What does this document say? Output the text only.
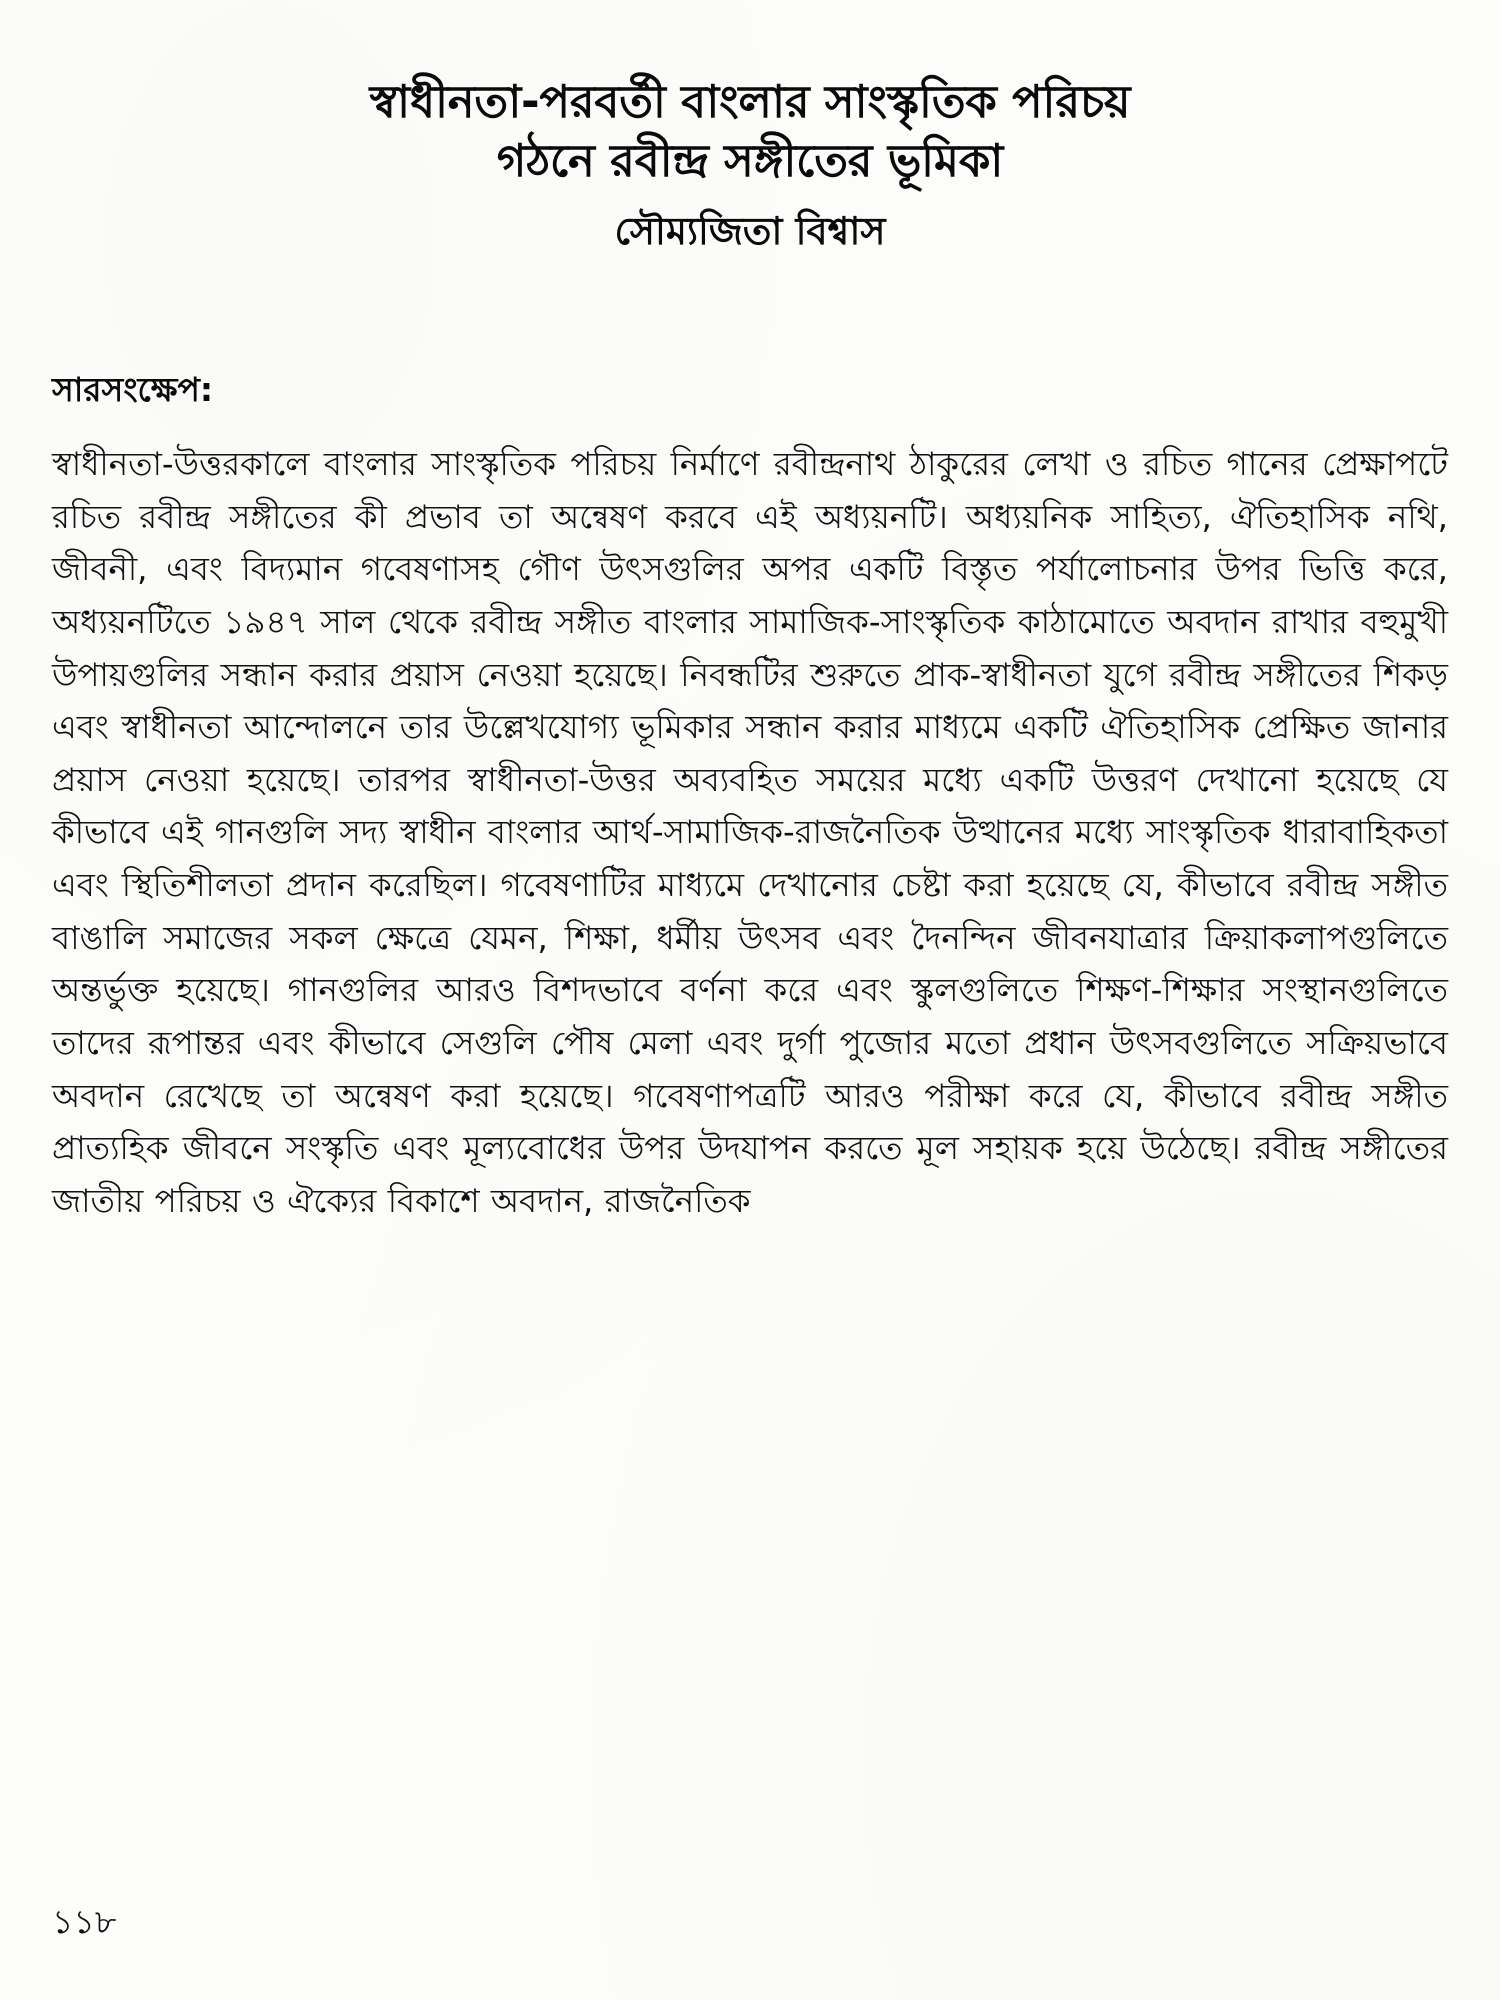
স্বাধীনতা-পরবর্তী বাংলার সাংস্কৃতিক পরিচয়
গঠনে রবীন্দ্র সঙ্গীতের ভূমিকা
সৌম্যজিতা বিশ্বাস
সারসংক্ষেপ:

স্বাধীনতা-উত্তরকালে বাংলার সাংস্কৃতিক পরিচয় নির্মাণে রবীন্দ্রনাথ ঠাকুরের লেখা ও রচিত গানের প্রেক্ষাপটে রচিত রবীন্দ্র সঙ্গীতের কী প্রভাব তা অন্বেষণ করবে এই অধ্যয়নটি। অধ্যয়নিক সাহিত্য, ঐতিহাসিক নথি, জীবনী, এবং বিদ্যমান গবেষণাসহ গৌণ উৎসগুলির অপর একটি বিস্তৃত পর্যালোচনার উপর ভিত্তি করে, অধ্যয়নটিতে ১৯৪৭ সাল থেকে রবীন্দ্র সঙ্গীত বাংলার সামাজিক-সাংস্কৃতিক কাঠামোতে অবদান রাখার বহুমুখী উপায়গুলির সন্ধান করার প্রয়াস নেওয়া হয়েছে। নিবন্ধটির শুরুতে প্রাক-স্বাধীনতা যুগে রবীন্দ্র সঙ্গীতের শিকড় এবং স্বাধীনতা আন্দোলনে তার উল্লেখযোগ্য ভূমিকার সন্ধান করার মাধ্যমে একটি ঐতিহাসিক প্রেক্ষিত জানার প্রয়াস নেওয়া হয়েছে। তারপর স্বাধীনতা-উত্তর অব্যবহিত সময়ের মধ্যে একটি উত্তরণ দেখানো হয়েছে যে কীভাবে এই গানগুলি সদ্য স্বাধীন বাংলার আর্থ-সামাজিক-রাজনৈতিক উত্থানের মধ্যে সাংস্কৃতিক ধারাবাহিকতা এবং স্থিতিশীলতা প্রদান করেছিল। গবেষণাটির মাধ্যমে দেখানোর চেষ্টা করা হয়েছে যে, কীভাবে রবীন্দ্র সঙ্গীত বাঙালি সমাজের সকল ক্ষেত্রে যেমন, শিক্ষা, ধর্মীয় উৎসব এবং দৈনন্দিন জীবনযাত্রার ক্রিয়াকলাপগুলিতে অন্তর্ভুক্ত হয়েছে। গানগুলির আরও বিশদভাবে বর্ণনা করে এবং স্কুলগুলিতে শিক্ষণ-শিক্ষার সংস্থানগুলিতে তাদের রূপান্তর এবং কীভাবে সেগুলি পৌষ মেলা এবং দুর্গা পুজোর মতো প্রধান উৎসবগুলিতে সক্রিয়ভাবে অবদান রেখেছে তা অন্বেষণ করা হয়েছে। গবেষণাপত্রটি আরও পরীক্ষা করে যে, কীভাবে রবীন্দ্র সঙ্গীত প্রাত্যহিক জীবনে সংস্কৃতি এবং মূল্যবোধের উপর উদযাপন করতে মূল সহায়ক হয়ে উঠেছে। রবীন্দ্র সঙ্গীতের জাতীয় পরিচয় ও ঐক্যের বিকাশে অবদান, রাজনৈতিক

১১৮
